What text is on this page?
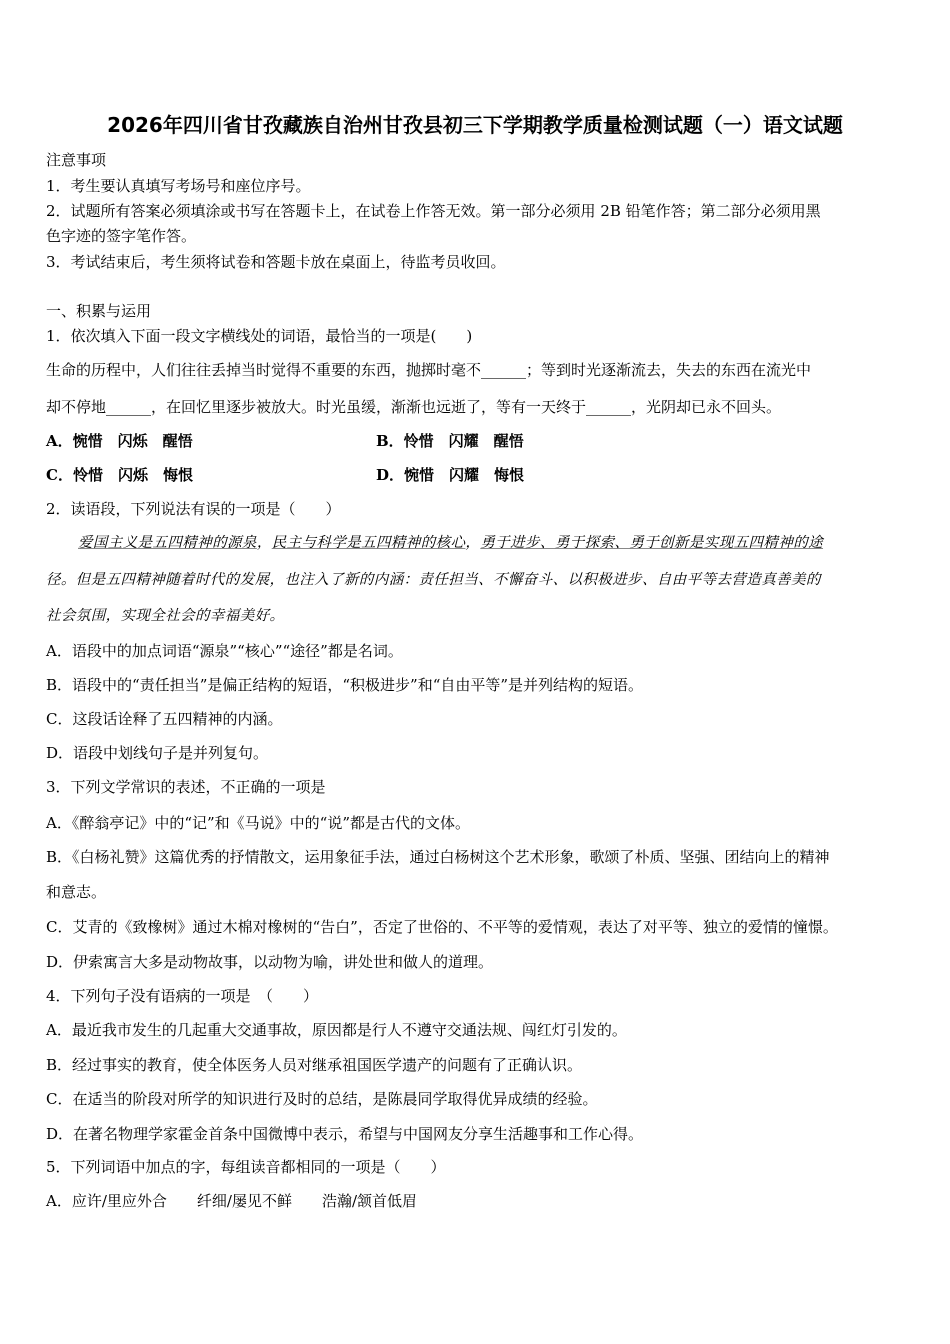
2026年四川省甘孜藏族自治州甘孜县初三下学期教学质量检测试题（一）语文试题
注意事项
1．考生要认真填写考场号和座位序号。
2．试题所有答案必须填涂或书写在答题卡上，在试卷上作答无效。第一部分必须用 2B 铅笔作答；第二部分必须用黑
色字迹的签字笔作答。
3．考试结束后，考生须将试卷和答题卡放在桌面上，待监考员收回。
一、积累与运用
1．依次填入下面一段文字横线处的词语，最恰当的一项是(　　)
生命的历程中，人们往往丢掉当时觉得不重要的东西，抛掷时毫不______；等到时光逐渐流去，失去的东西在流光中
却不停地______，在回忆里逐步被放大。时光虽缓，渐渐也远逝了，等有一天终于______，光阴却已永不回头。
A．惋惜　闪烁　醒悟	B．怜惜　闪耀　醒悟
C．怜惜　闪烁　悔恨	D．惋惜　闪耀　悔恨
2．读语段，下列说法有误的一项是（　　）
爱国主义是五四精神的源泉，民主与科学是五四精神的核心，勇于进步、勇于探索、勇于创新是实现五四精神的途
径。但是五四精神随着时代的发展，也注入了新的内涵：责任担当、不懈奋斗、以积极进步、自由平等去营造真善美的
社会氛围，实现全社会的幸福美好。
A．语段中的加点词语“源泉”“核心”“途径”都是名词。
B．语段中的“责任担当”是偏正结构的短语，“积极进步”和“自由平等”是并列结构的短语。
C．这段话诠释了五四精神的内涵。
D．语段中划线句子是并列复句。
3．下列文学常识的表述，不正确的一项是
A．《醉翁亭记》中的“记”和《马说》中的“说”都是古代的文体。
B．《白杨礼赞》这篇优秀的抒情散文，运用象征手法，通过白杨树这个艺术形象，歌颂了朴质、坚强、团结向上的精神
和意志。
C．艾青的《致橡树》通过木棉对橡树的“告白”，否定了世俗的、不平等的爱情观，表达了对平等、独立的爱情的憧憬。
D．伊索寓言大多是动物故事，以动物为喻，讲处世和做人的道理。
4．下列句子没有语病的一项是　（　　）
A．最近我市发生的几起重大交通事故，原因都是行人不遵守交通法规、闯红灯引发的。
B．经过事实的教育，使全体医务人员对继承祖国医学遗产的问题有了正确认识。
C．在适当的阶段对所学的知识进行及时的总结，是陈晨同学取得优异成绩的经验。
D．在著名物理学家霍金首条中国微博中表示，希望与中国网友分享生活趣事和工作心得。
5．下列词语中加点的字，每组读音都相同的一项是（　　）
A．应许/里应外合　　纤细/屡见不鲜　　浩瀚/颔首低眉
